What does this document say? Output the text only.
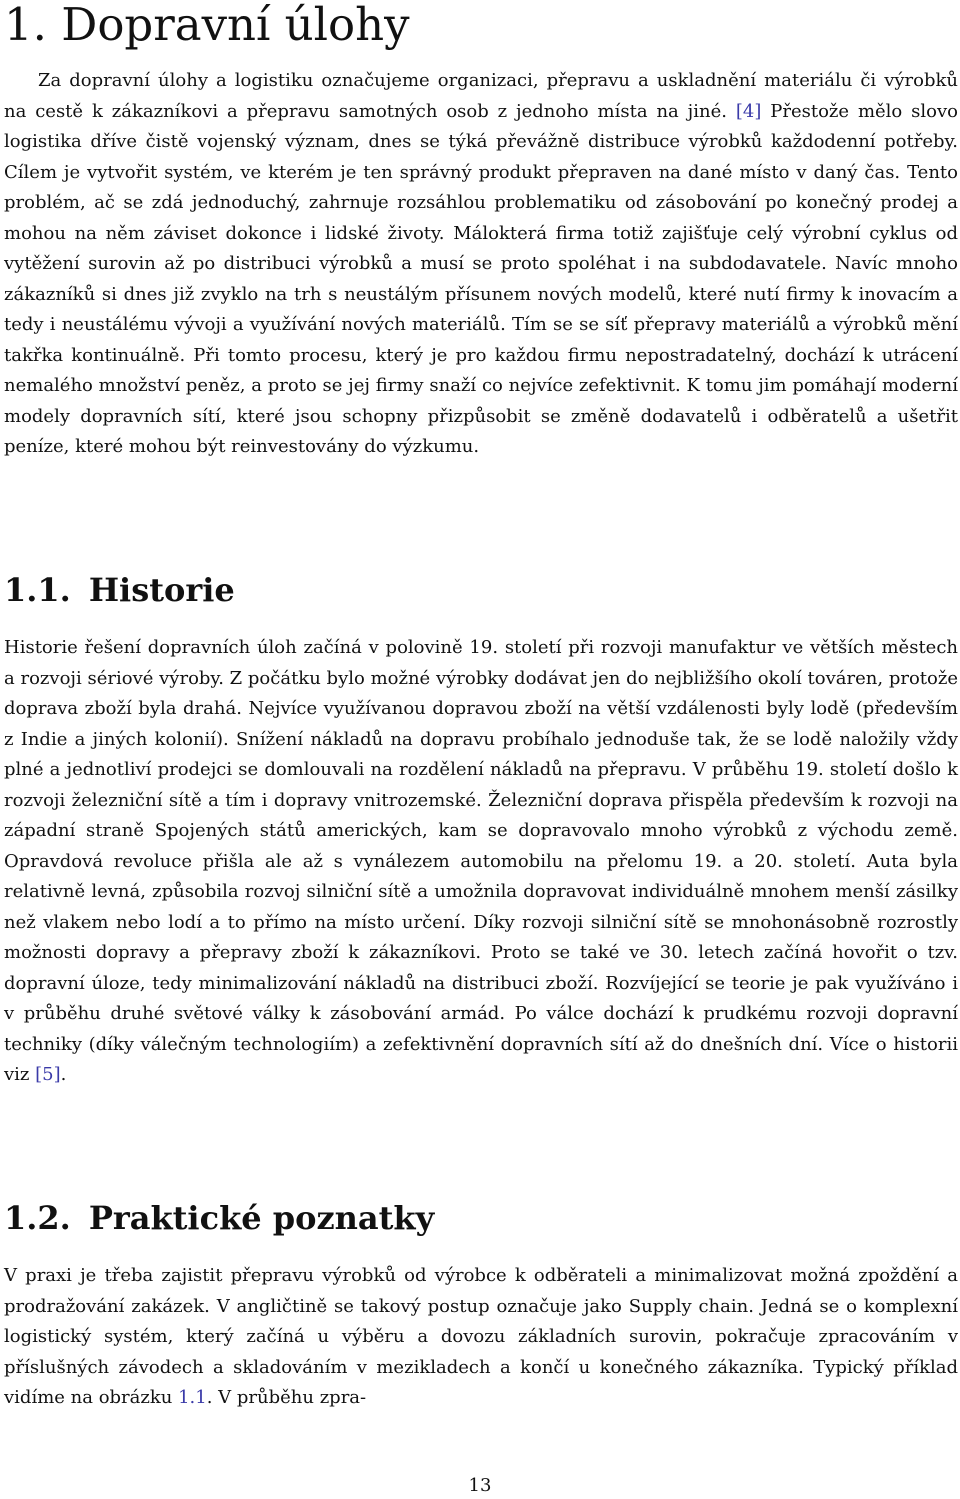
1. Dopravní úlohy

Za dopravní úlohy a logistiku označujeme organizaci, přepravu a uskladnění materiálu či výrobků na cestě k zákazníkovi a přepravu samotných osob z jednoho místa na jiné. [4] Přestože mělo slovo logistika dříve čistě vojenský význam, dnes se týká převážně distribuce výrobků každodenní potřeby. Cílem je vytvořit systém, ve kterém je ten správný produkt přepraven na dané místo v daný čas. Tento problém, ač se zdá jednoduchý, zahrnuje rozsáhlou problematiku od zásobování po konečný prodej a mohou na něm záviset dokonce i lidské životy. Málokterá firma totiž zajišťuje celý výrobní cyklus od vytěžení surovin až po distribuci výrobků a musí se proto spoléhat i na subdodavatele. Navíc mnoho zákazníků si dnes již zvyklo na trh s neustálým přísunem nových modelů, které nutí firmy k inovacím a tedy i neustálému vývoji a využívání nových materiálů. Tím se se síť přepravy materiálů a výrobků mění takřka kontinuálně. Při tomto procesu, který je pro každou firmu nepostradatelný, dochází k utrácení nemalého množství peněz, a proto se jej firmy snaží co nejvíce zefektivnit. K tomu jim pomáhají moderní modely dopravních sítí, které jsou schopny přizpůsobit se změně dodavatelů i odběratelů a ušetřit peníze, které mohou být reinvestovány do výzkumu.

1.1. Historie

Historie řešení dopravních úloh začíná v polovině 19. století při rozvoji manufaktur ve větších městech a rozvoji sériové výroby. Z počátku bylo možné výrobky dodávat jen do nejbližšího okolí továren, protože doprava zboží byla drahá. Nejvíce využívanou dopravou zboží na větší vzdálenosti byly lodě (především z Indie a jiných kolonií). Snížení nákladů na dopravu probíhalo jednoduše tak, že se lodě naložily vždy plné a jednotliví prodejci se domlouvali na rozdělení nákladů na přepravu. V průběhu 19. století došlo k rozvoji železniční sítě a tím i dopravy vnitrozemské. Železniční doprava přispěla především k rozvoji na západní straně Spojených států amerických, kam se dopravovalo mnoho výrobků z východu země. Opravdová revoluce přišla ale až s vynálezem automobilu na přelomu 19. a 20. století. Auta byla relativně levná, způsobila rozvoj silniční sítě a umožnila dopravovat individuálně mnohem menší zásilky než vlakem nebo lodí a to přímo na místo určení. Díky rozvoji silniční sítě se mnohonásobně rozrostly možnosti dopravy a přepravy zboží k zákazníkovi. Proto se také ve 30. letech začíná hovořit o tzv. dopravní úloze, tedy minimalizování nákladů na distribuci zboží. Rozvíjející se teorie je pak využíváno i v průběhu druhé světové války k zásobování armád. Po válce dochází k prudkému rozvoji dopravní techniky (díky válečným technologiím) a zefektivnění dopravních sítí až do dnešních dní. Více o historii viz [5].

1.2. Praktické poznatky

V praxi je třeba zajistit přepravu výrobků od výrobce k odběrateli a minimalizovat možná zpoždění a prodražování zakázek. V angličtině se takový postup označuje jako Supply chain. Jedná se o komplexní logistický systém, který začíná u výběru a dovozu základních surovin, pokračuje zpracováním v příslušných závodech a skladováním v mezikladech a končí u konečného zákazníka. Typický příklad vidíme na obrázku 1.1. V průběhu zpra-

13
